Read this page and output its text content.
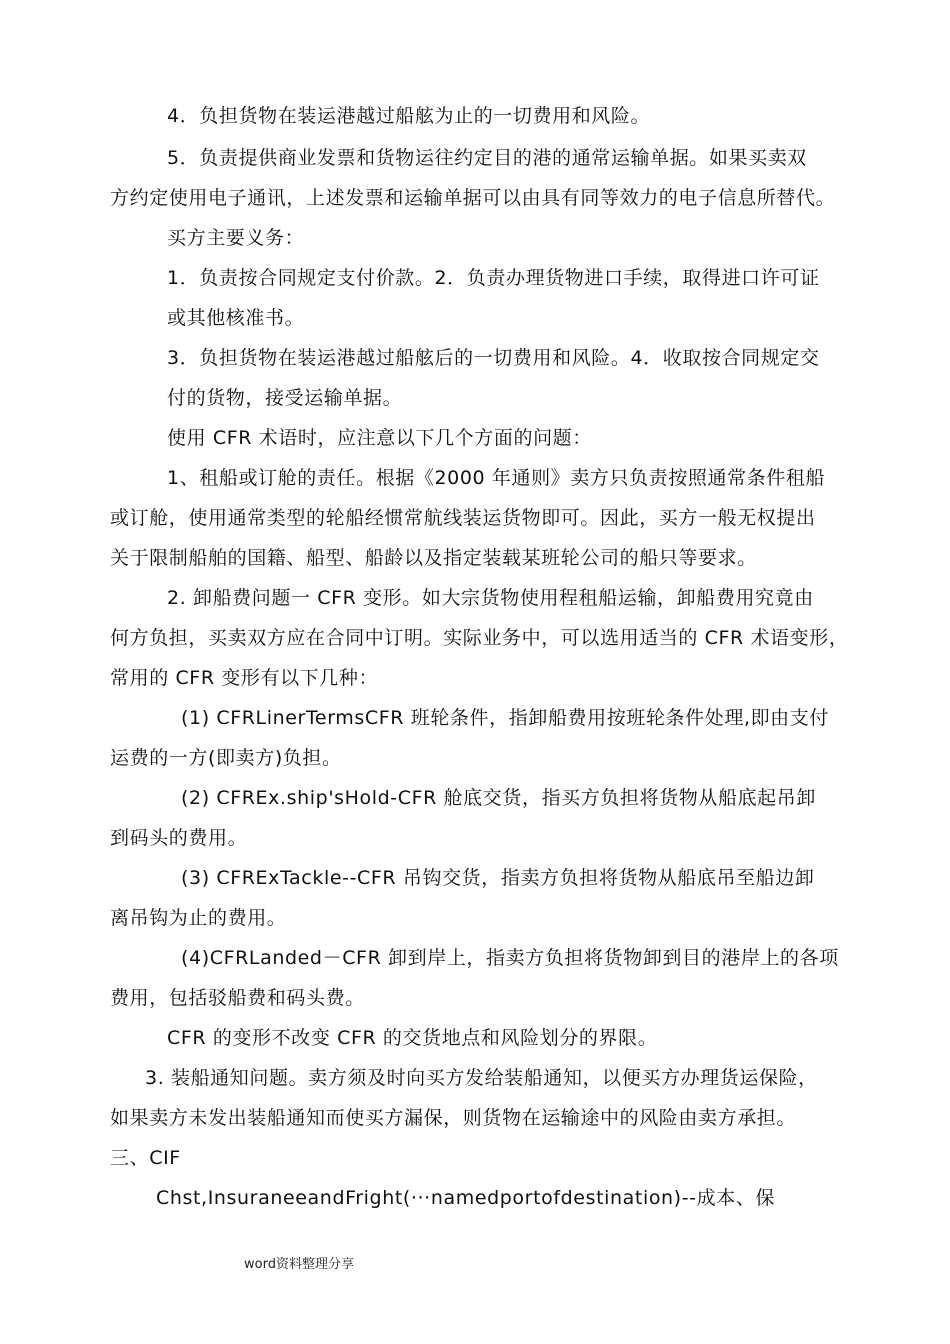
4．负担货物在装运港越过船舷为止的一切费用和风险。
5．负责提供商业发票和货物运往约定目的港的通常运输单据。如果买卖双
方约定使用电子通讯，上述发票和运输单据可以由具有同等效力的电子信息所替代。
买方主要义务：
1．负责按合同规定支付价款。2．负责办理货物进口手续，取得进口许可证
或其他核准书。
3．负担货物在装运港越过船舷后的一切费用和风险。4．收取按合同规定交
付的货物，接受运输单据。
使用 CFR 术语时，应注意以下几个方面的问题：
1、租船或订舱的责任。根据《2000 年通则》卖方只负责按照通常条件租船
或订舱，使用通常类型的轮船经惯常航线装运货物即可。因此，买方一般无权提出
关于限制船舶的国籍、船型、船龄以及指定装载某班轮公司的船只等要求。
2. 卸船费问题一 CFR 变形。如大宗货物使用程租船运输，卸船费用究竟由
何方负担，买卖双方应在合同中订明。实际业务中，可以选用适当的 CFR 术语变形，
常用的 CFR 变形有以下几种：
(1) CFRLinerTermsCFR 班轮条件，指卸船费用按班轮条件处理,即由支付
运费的一方(即卖方)负担。
(2) CFREx.ship'sHold-CFR 舱底交货，指买方负担将货物从船底起吊卸
到码头的费用。
(3) CFRExTackle--CFR 吊钩交货，指卖方负担将货物从船底吊至船边卸
离吊钩为止的费用。
(4)CFRLanded－CFR 卸到岸上，指卖方负担将货物卸到目的港岸上的各项
费用，包括驳船费和码头费。
CFR 的变形不改变 CFR 的交货地点和风险划分的界限。
3. 装船通知问题。卖方须及时向买方发给装船通知，以便买方办理货运保险，
如果卖方未发出装船通知而使买方漏保，则货物在运输途中的风险由卖方承担。
三、CIF
Chst,InsuraneeandFright(···namedportofdestination)--成本、保
word资料整理分享
